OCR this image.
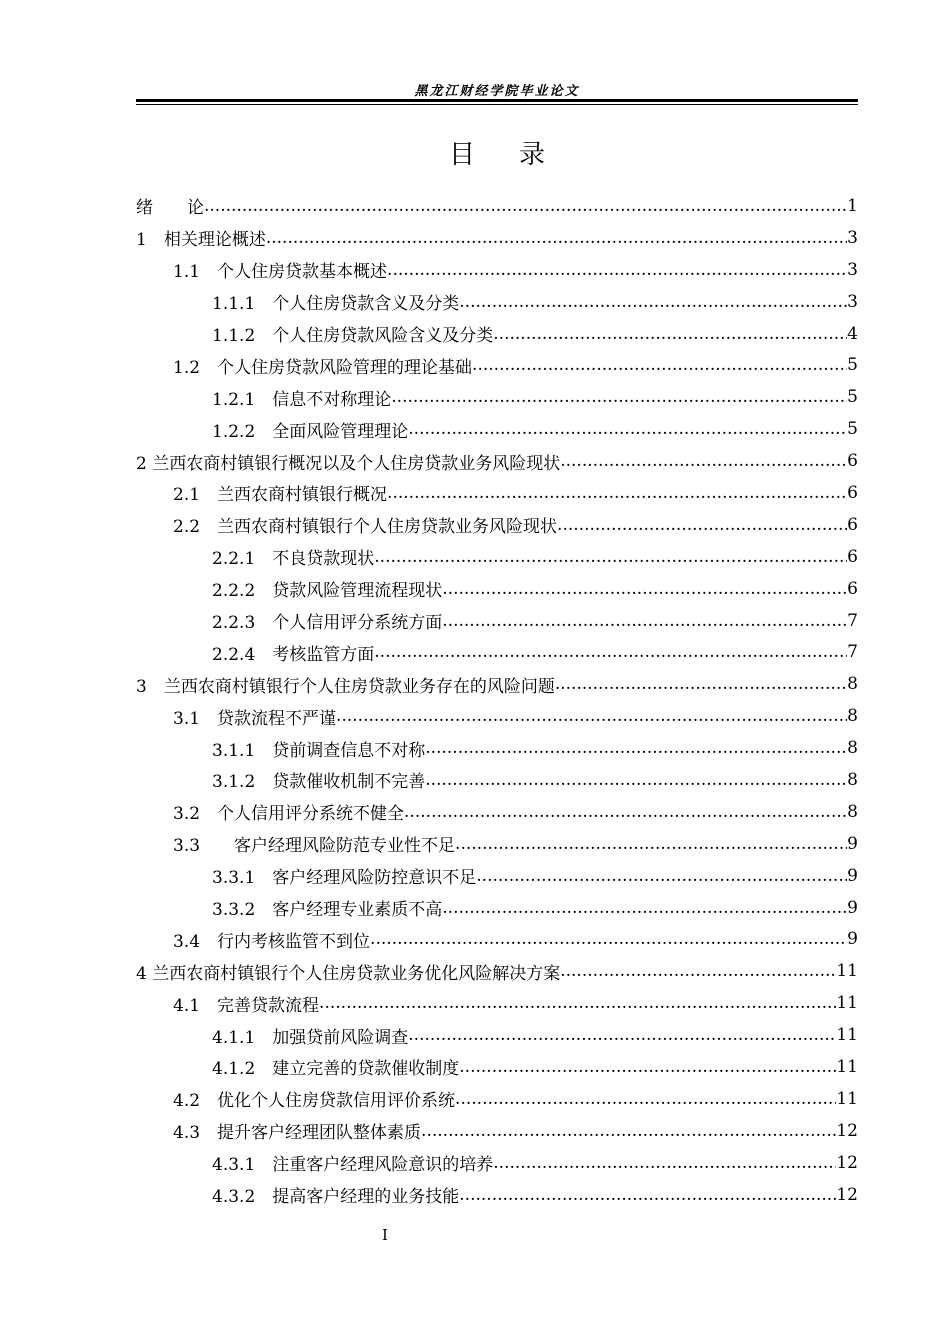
黑龙江财经学院毕业论文
目录
绪　　论 .....	1
1　相关理论概述 .....	3
1.1　个人住房贷款基本概述 .....	3
1.1.1　个人住房贷款含义及分类 .....	3
1.1.2　个人住房贷款风险含义及分类 .....	4
1.2　个人住房贷款风险管理的理论基础 .....	5
1.2.1　信息不对称理论 .....	5
1.2.2　全面风险管理理论 .....	5
2 兰西农商村镇银行概况以及个人住房贷款业务风险现状 .....	6
2.1　兰西农商村镇银行概况 .....	6
2.2　兰西农商村镇银行个人住房贷款业务风险现状 .....	6
2.2.1　不良贷款现状 .....	6
2.2.2　贷款风险管理流程现状 .....	6
2.2.3　个人信用评分系统方面 .....	7
2.2.4　考核监管方面 .....	7
3　兰西农商村镇银行个人住房贷款业务存在的风险问题 .....	8
3.1　贷款流程不严谨 .....	8
3.1.1　贷前调查信息不对称 .....	8
3.1.2　贷款催收机制不完善 .....	8
3.2　个人信用评分系统不健全 .....	8
3.3　　客户经理风险防范专业性不足 .....	9
3.3.1　客户经理风险防控意识不足 .....	9
3.3.2　客户经理专业素质不高 .....	9
3.4　行内考核监管不到位 .....	9
4 兰西农商村镇银行个人住房贷款业务优化风险解决方案 .....	11
4.1　完善贷款流程 .....	11
4.1.1　加强贷前风险调查 .....	11
4.1.2　建立完善的贷款催收制度 .....	11
4.2　优化个人住房贷款信用评价系统 .....	11
4.3　提升客户经理团队整体素质 .....	12
4.3.1　注重客户经理风险意识的培养 .....	12
4.3.2　提高客户经理的业务技能 .....	12
I
